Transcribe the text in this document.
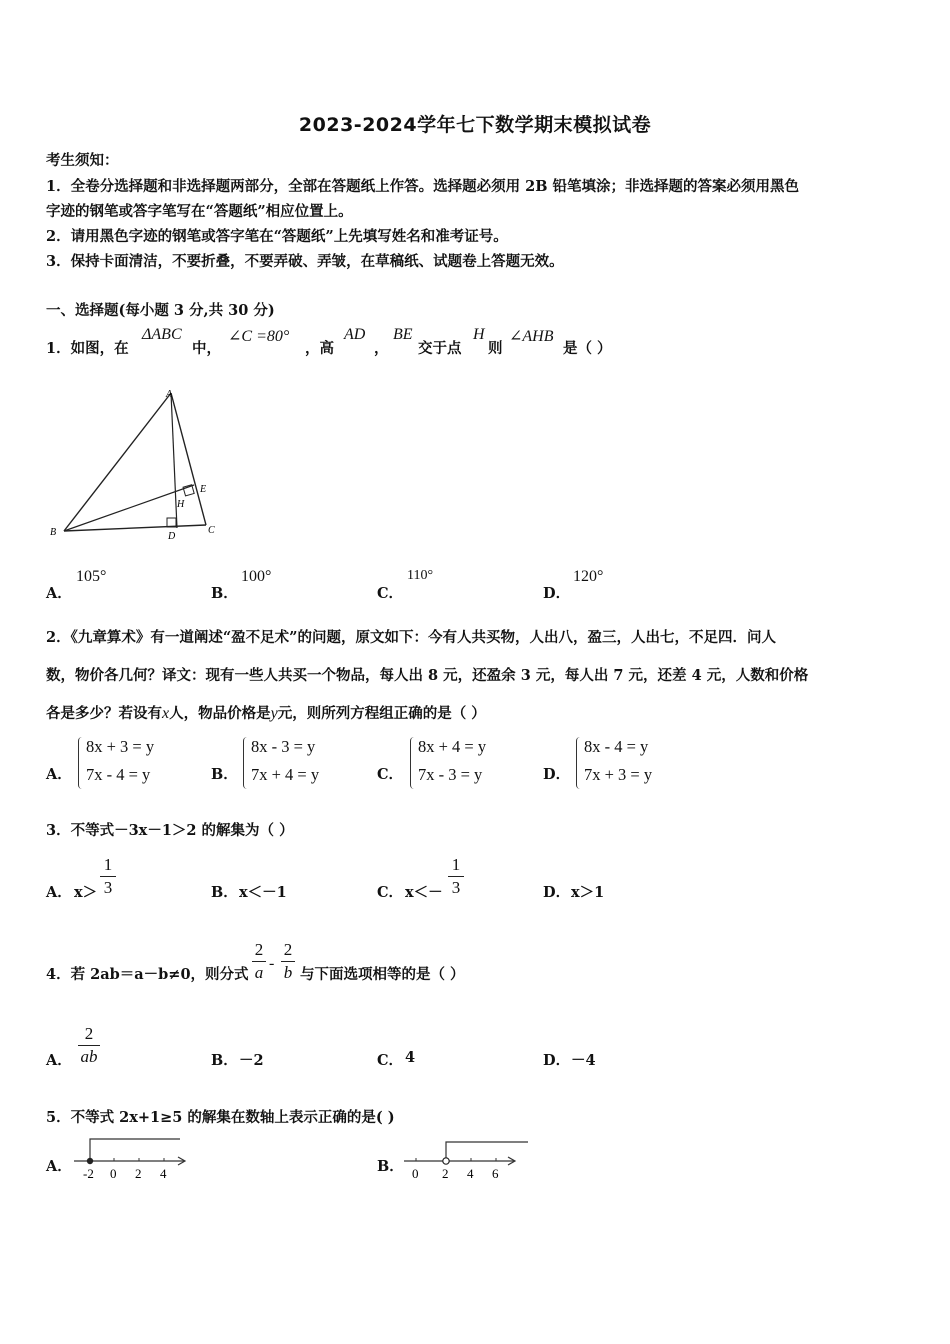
2023-2024学年七下数学期末模拟试卷
考生须知：
1．全卷分选择题和非选择题两部分，全部在答题纸上作答。选择题必须用 2B 铅笔填涂；非选择题的答案必须用黑色
字迹的钢笔或答字笔写在“答题纸”相应位置上。
2．请用黑色字迹的钢笔或答字笔在“答题纸”上先填写姓名和准考证号。
3．保持卡面清洁，不要折叠，不要弄破、弄皱，在草稿纸、试题卷上答题无效。
一、选择题(每小题 3 分,共 30 分)
1．如图，在
ΔABC
中，
∠C =80°
，高
AD
，
BE
交于点
H
则
∠AHB
是（ ）
A
B	C
D
E
H
A．
105°
B．
100°
C．
110°
D．
120°
2．《九章算术》有一道阐述“盈不足术”的问题，原文如下：今有人共买物，人出八，盈三，人出七，不足四．问人
数，物价各几何？译文：现有一些人共买一个物品，每人出 8 元，还盈余 3 元，每人出 7 元，还差 4 元，人数和价格
各是多少？若设有x人，物品价格是y元，则所列方程组正确的是（ ）
A．
8x + 3 = y
7x - 4 = y	B．
8x - 3 = y
7x + 4 = y	C．
8x + 4 = y
7x - 3 = y	D．
8x - 4 = y
7x + 3 = y
3．不等式－3x－1＞2 的解集为（ ）
A． x＞
1
3	B． x＜－1	C． x＜－
1
3	D． x＞1
4．若 2ab＝a－b≠0，则分式
2
a -
2
b 与下面选项相等的是（ ）
A．
2
ab	B． －2	C． 4	D． －4
5．不等式 2x+1≥5 的解集在数轴上表示正确的是( )
A． -2 0 2 4	B． 0 2 4 6
